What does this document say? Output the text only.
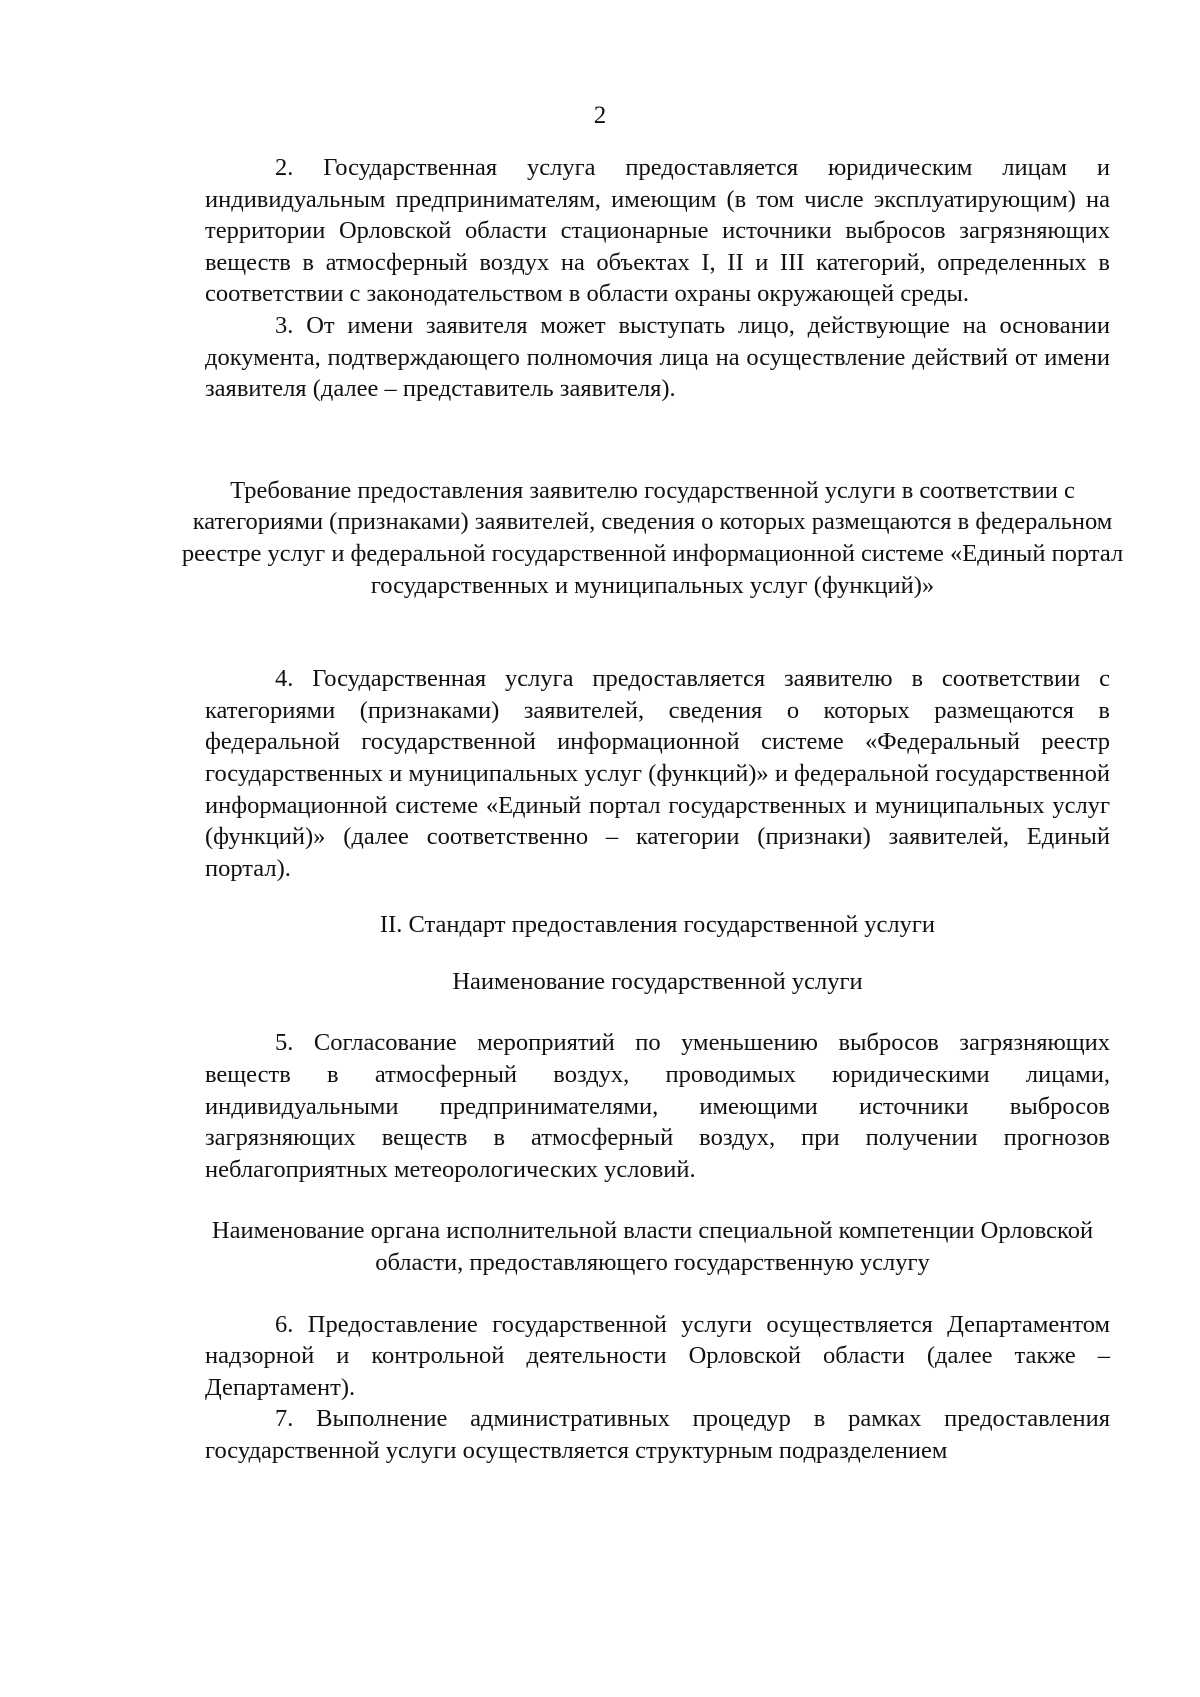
2

2. Государственная услуга предоставляется юридическим лицам и индивидуальным предпринимателям, имеющим (в том числе эксплуатирующим) на территории Орловской области стационарные источники выбросов загрязняющих веществ в атмосферный воздух на объектах I, II и III категорий, определенных в соответствии с законодательством в области охраны окружающей среды.

3. От имени заявителя может выступать лицо, действующие на основании документа, подтверждающего полномочия лица на осуществление действий от имени заявителя (далее – представитель заявителя).

Требование предоставления заявителю государственной услуги в соответствии с категориями (признаками) заявителей, сведения о которых размещаются в федеральном реестре услуг и федеральной государственной информационной системе «Единый портал государственных и муниципальных услуг (функций)»

4. Государственная услуга предоставляется заявителю в соответствии с категориями (признаками) заявителей, сведения о которых размещаются в федеральной государственной информационной системе «Федеральный реестр государственных и муниципальных услуг (функций)» и федеральной государственной информационной системе «Единый портал государственных и муниципальных услуг (функций)» (далее соответственно – категории (признаки) заявителей, Единый портал).

II. Стандарт предоставления государственной услуги

Наименование государственной услуги

5. Согласование мероприятий по уменьшению выбросов загрязняющих веществ в атмосферный воздух, проводимых юридическими лицами, индивидуальными предпринимателями, имеющими источники выбросов загрязняющих веществ в атмосферный воздух, при получении прогнозов неблагоприятных метеорологических условий.

Наименование органа исполнительной власти специальной компетенции Орловской области, предоставляющего государственную услугу

6. Предоставление государственной услуги осуществляется Департаментом надзорной и контрольной деятельности Орловской области (далее также – Департамент).

7. Выполнение административных процедур в рамках предоставления государственной услуги осуществляется структурным подразделением
